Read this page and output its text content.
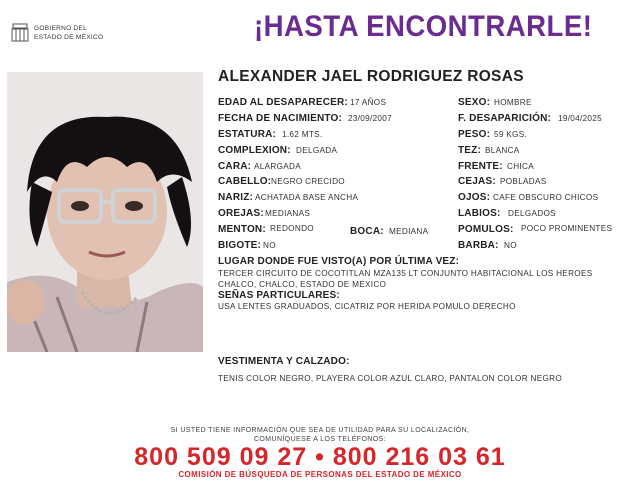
GOBIERNO DEL
ESTADO DE MÉXICO	¡HASTA ENCONTRARLE!
ALEXANDER JAEL RODRIGUEZ ROSAS
EDAD AL DESAPARECER: 17 AÑOS
FECHA DE NACIMIENTO: 23/09/2007
ESTATURA: 1.62 MTS.
COMPLEXION: DELGADA
CARA: ALARGADA
CABELLO: NEGRO CRECIDO
NARIZ: ACHATADA BASE ANCHA
OREJAS: MEDIANAS
MENTON: REDONDO	BOCA: MEDIANA
BIGOTE: NO
SEXO: HOMBRE
F. DESAPARICIÓN: 19/04/2025
PESO: 59 KGS.
TEZ: BLANCA
FRENTE: CHICA
CEJAS: POBLADAS
OJOS: CAFE OBSCURO CHICOS
LABIOS: DELGADOS
POMULOS: POCO PROMINENTES
BARBA: NO
LUGAR DONDE FUE VISTO(A) POR ÚLTIMA VEZ:
TERCER CIRCUITO DE COCOTITLAN MZA135 LT CONJUNTO HABITACIONAL LOS HEROES
CHALCO, CHALCO, ESTADO DE MEXICO
SEÑAS PARTICULARES:
USA LENTES GRADUADOS, CICATRIZ POR HERIDA POMULO DERECHO
VESTIMENTA Y CALZADO:
TENIS COLOR NEGRO, PLAYERA COLOR AZUL CLARO, PANTALON COLOR NEGRO
SI USTED TIENE INFORMACIÓN QUE SEA DE UTILIDAD PARA SU LOCALIZACIÓN,
COMUNÍQUESE A LOS TELÉFONOS:
800 509 09 27 • 800 216 03 61
COMISIÓN DE BÚSQUEDA DE PERSONAS DEL ESTADO DE MÉXICO
